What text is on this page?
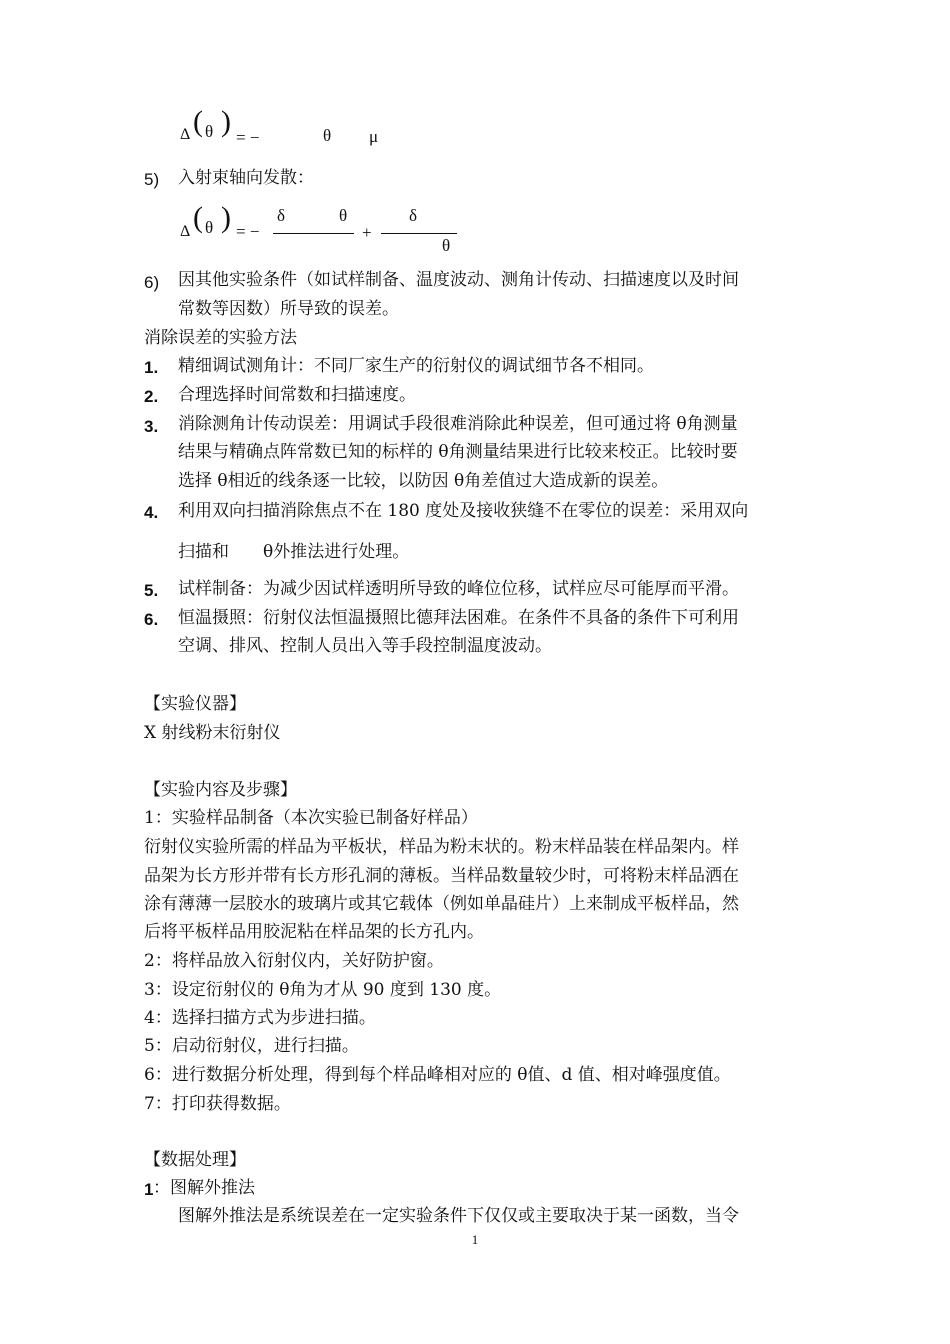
Δ ( θ ) = −	θ μ
5) 入射束轴向发散：
Δ ( θ ) = −
δ	θ
+
δ
θ
6) 因其他实验条件（如试样制备、温度波动、测角计传动、扫描速度以及时间
常数等因数）所导致的误差。
消除误差的实验方法
1. 精细调试测角计：不同厂家生产的衍射仪的调试细节各不相同。
2. 合理选择时间常数和扫描速度。
3. 消除测角计传动误差：用调试手段很难消除此种误差，但可通过将 θ角测量
结果与精确点阵常数已知的标样的 θ角测量结果进行比较来校正。比较时要
选择 θ相近的线条逐一比较，以防因 θ角差值过大造成新的误差。
4. 利用双向扫描消除焦点不在 180 度处及接收狭缝不在零位的误差：采用双向
扫描和　　θ外推法进行处理。
5. 试样制备：为减少因试样透明所导致的峰位位移，试样应尽可能厚而平滑。
6. 恒温摄照：衍射仪法恒温摄照比德拜法困难。在条件不具备的条件下可利用
空调、排风、控制人员出入等手段控制温度波动。
【实验仪器】
X 射线粉末衍射仪
【实验内容及步骤】
1：实验样品制备（本次实验已制备好样品）
衍射仪实验所需的样品为平板状，样品为粉末状的。粉末样品装在样品架内。样
品架为长方形并带有长方形孔洞的薄板。当样品数量较少时，可将粉末样品洒在
涂有薄薄一层胶水的玻璃片或其它载体（例如单晶硅片）上来制成平板样品，然
后将平板样品用胶泥粘在样品架的长方孔内。
2：将样品放入衍射仪内，关好防护窗。
3：设定衍射仪的 θ角为才从 90 度到 130 度。
4：选择扫描方式为步进扫描。
5：启动衍射仪，进行扫描。
6：进行数据分析处理，得到每个样品峰相对应的 θ值、d 值、相对峰强度值。
7：打印获得数据。
【数据处理】
1 ：图解外推法
图解外推法是系统误差在一定实验条件下仅仅或主要取决于某一函数，当令
1
